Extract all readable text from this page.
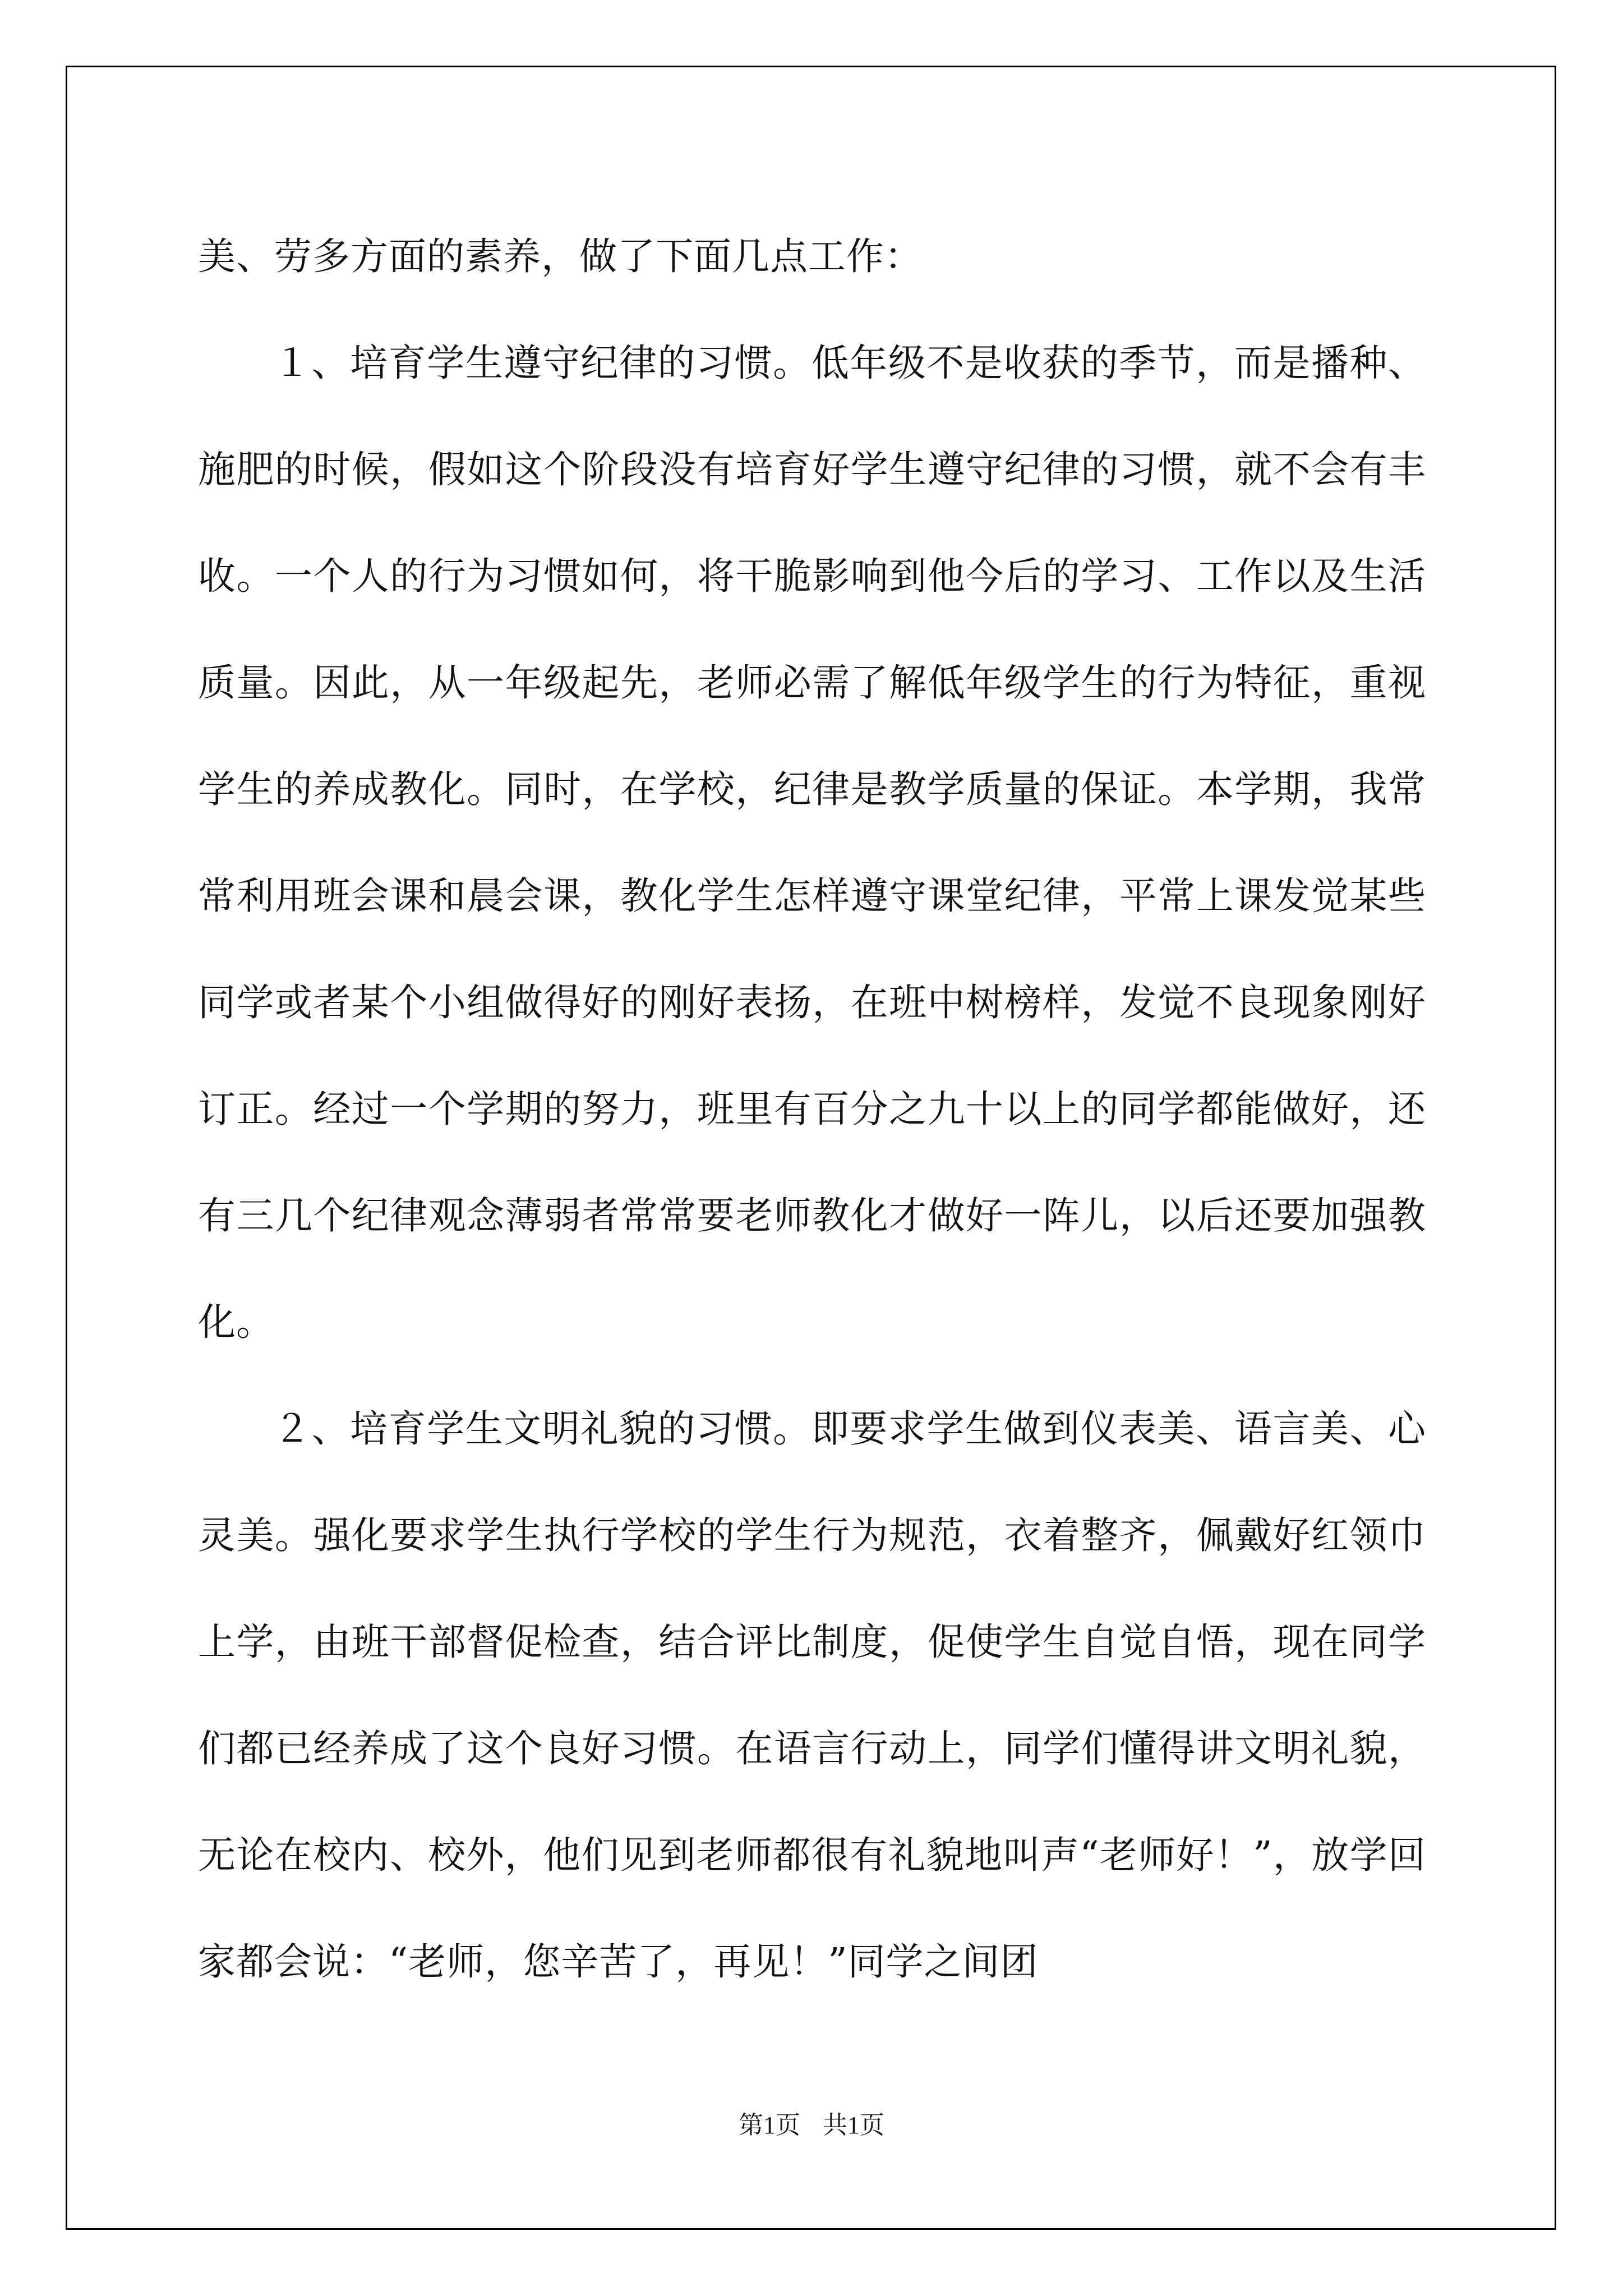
美、劳多方面的素养，做了下面几点工作：

１、培育学生遵守纪律的习惯。低年级不是收获的季节，而是播种、施肥的时候，假如这个阶段没有培育好学生遵守纪律的习惯，就不会有丰收。一个人的行为习惯如何，将干脆影响到他今后的学习、工作以及生活质量。因此，从一年级起先，老师必需了解低年级学生的行为特征，重视学生的养成教化。同时，在学校，纪律是教学质量的保证。本学期，我常常利用班会课和晨会课，教化学生怎样遵守课堂纪律，平常上课发觉某些同学或者某个小组做得好的刚好表扬，在班中树榜样，发觉不良现象刚好订正。经过一个学期的努力，班里有百分之九十以上的同学都能做好，还有三几个纪律观念薄弱者常常要老师教化才做好一阵儿，以后还要加强教化。

２、培育学生文明礼貌的习惯。即要求学生做到仪表美、语言美、心灵美。强化要求学生执行学校的学生行为规范，衣着整齐，佩戴好红领巾上学，由班干部督促检查，结合评比制度，促使学生自觉自悟，现在同学们都已经养成了这个良好习惯。在语言行动上，同学们懂得讲文明礼貌，无论在校内、校外，他们见到老师都很有礼貌地叫声“老师好！”，放学回家都会说：“老师，您辛苦了，再见！”同学之间团

第1页 共1页
